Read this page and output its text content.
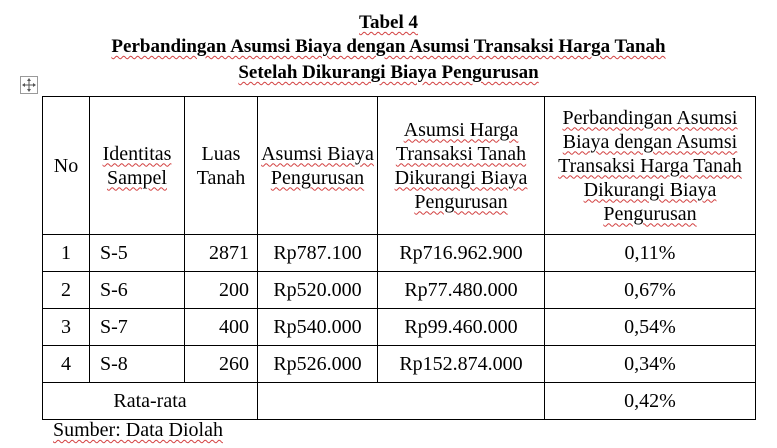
Tabel 4
Perbandingan Asumsi Biaya dengan Asumsi Transaksi Harga Tanah
Setelah Dikurangi Biaya Pengurusan
No	Identitas Sampel	Luas Tanah	Asumsi Biaya Pengurusan	Asumsi Harga Transaksi Tanah Dikurangi Biaya Pengurusan	Perbandingan Asumsi Biaya dengan Asumsi Transaksi Harga Tanah Dikurangi Biaya Pengurusan
1	S-5	2871	Rp787.100	Rp716.962.900	0,11%
2	S-6	200	Rp520.000	Rp77.480.000	0,67%
3	S-7	400	Rp540.000	Rp99.460.000	0,54%
4	S-8	260	Rp526.000	Rp152.874.000	0,34%
Rata-rata					0,42%
Sumber: Data Diolah
